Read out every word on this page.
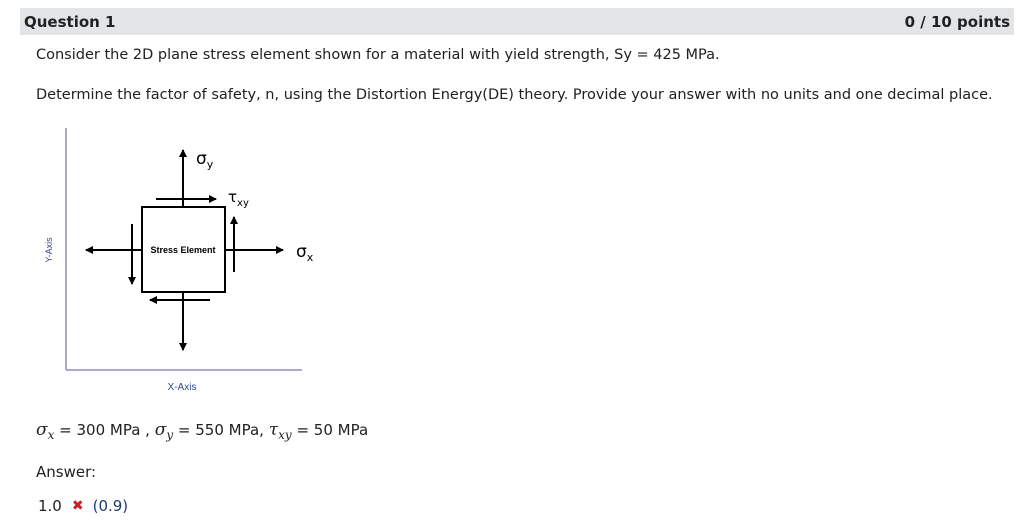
Question 1	0 / 10 points
Consider the 2D plane stress element shown for a material with yield strength, Sy = 425 MPa.
Determine the factor of safety, n, using the Distortion Energy(DE) theory. Provide your answer with no units and one decimal place.
Y-Axis
X-Axis
Stress Element
$\sigma_y$
$\tau_{xy}$
$\sigma_x$
$\sigma_x = 300$ MPa , $\sigma_y = 550$ MPa, $\tau_{xy} = 50$ MPa
Answer:
1.0 ✖ (0.9)
